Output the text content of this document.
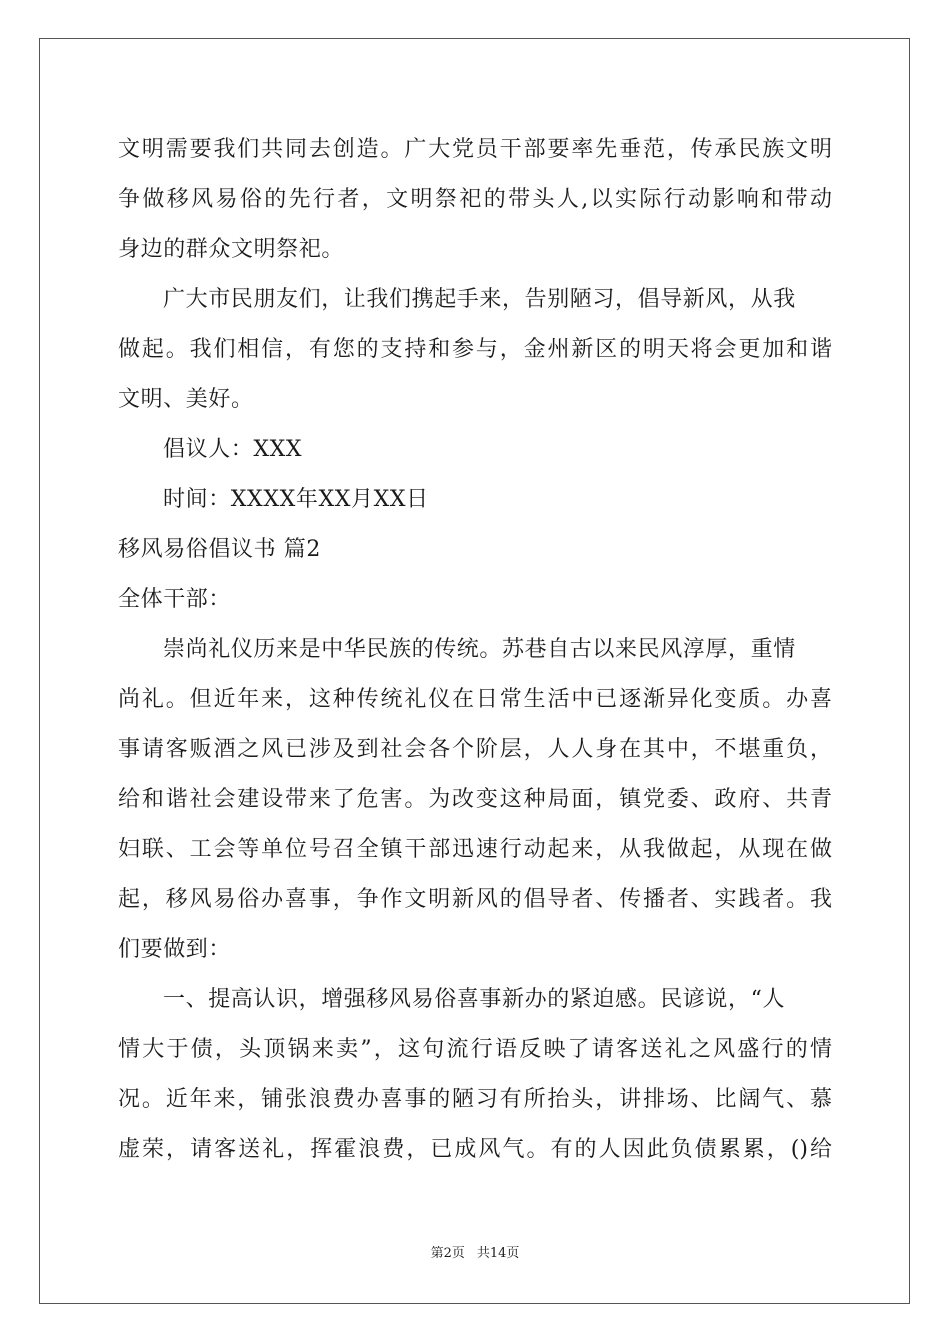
文明需要我们共同去创造。广大党员干部要率先垂范，传承民族文明
争做移风易俗的先行者，文明祭祀的带头人,以实际行动影响和带动
身边的群众文明祭祀。
广大市民朋友们，让我们携起手来，告别陋习，倡导新风，从我
做起。我们相信，有您的支持和参与，金州新区的明天将会更加和谐
文明、美好。
倡议人：XXX
时间：XXXX年XX月XX日
移风易俗倡议书 篇2
全体干部：
崇尚礼仪历来是中华民族的传统。苏巷自古以来民风淳厚，重情
尚礼。但近年来，这种传统礼仪在日常生活中已逐渐异化变质。办喜
事请客贩酒之风已涉及到社会各个阶层，人人身在其中，不堪重负，
给和谐社会建设带来了危害。为改变这种局面，镇党委、政府、共青
妇联、工会等单位号召全镇干部迅速行动起来，从我做起，从现在做
起，移风易俗办喜事，争作文明新风的倡导者、传播者、实践者。我
们要做到：
一、提高认识，增强移风易俗喜事新办的紧迫感。民谚说，“人
情大于债，头顶锅来卖”，这句流行语反映了请客送礼之风盛行的情
况。近年来，铺张浪费办喜事的陋习有所抬头，讲排场、比阔气、慕
虚荣，请客送礼，挥霍浪费，已成风气。有的人因此负债累累，()给
第2页 共14页
